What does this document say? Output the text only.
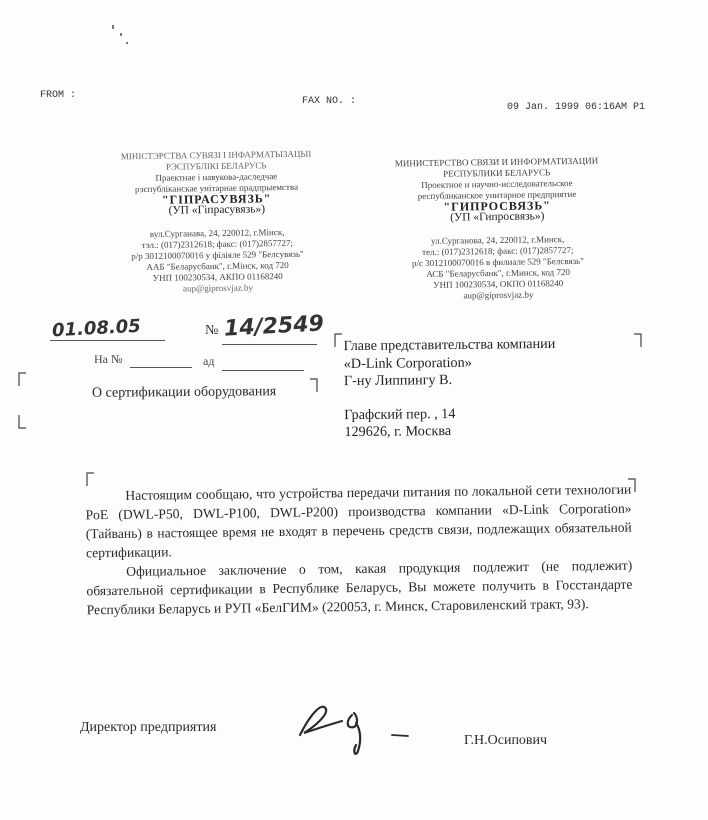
FROM :
FAX NO. :
09 Jan. 1999 06:16AM P1
МIНIСТЭРСТВА СУВЯЗI I IНФАРМАТЫЗАЦЫI
РЭСПУБЛIКI БЕЛАРУСЬ
Праектнае і навукова-даследчае
рэспубліканскае унітарнае прадпрыемства
"ГIПРАСУВЯЗЬ"
(УП «Гiпрасувязь»)
вул.Сурганава, 24, 220012, г.Мінск,
тэл.: (017)2312618; факс: (017)2857727;
р/р 3012100070016 у філіяле 529 "Белсувязь"
ААБ "Беларусбанк", г.Мінск, код 720
УНП 100230534, АКПО 01168240
aup@giprosvjaz.by
МИНИСТЕРСТВО СВЯЗИ И ИНФОРМАТИЗАЦИИ
РЕСПУБЛИКИ БЕЛАРУСЬ
Проектное и научно-исследовательское
республиканское унитарное предприятие
"ГИПРОСВЯЗЬ"
(УП «Гипросвязь»)
ул.Сурганова, 24, 220012, г.Минск,
тел.: (017)2312618; факс: (017)2857727;
р/с 3012100070016 в филиале 529 "Белсвязь"
АСБ "Беларусбанк", г.Минск, код 720
УНП 100230534, ОКПО 01168240
aup@giprosvjaz.by
01.08.05	№ 14/2549
На №	ад
О сертификации оборудования
Главе представительства компании
«D-Link Corporation»
Г-ну Липпингу В.
Графский пер. , 14
129626, г. Москва
Настоящим сообщаю, что устройства передачи питания по локальной сети технологии PoE (DWL-P50, DWL-P100, DWL-P200) производства компании «D-Link Corporation» (Тайвань) в настоящее время не входят в перечень средств связи, подлежащих обязательной сертификации.
Официальное заключение о том, какая продукция подлежит (не подлежит) обязательной сертификации в Республике Беларусь, Вы можете получить в Госстандарте Республики Беларусь и РУП «БелГИМ» (220053, г. Минск, Старовиленский тракт, 93).
Директор предприятия
Г.Н.Осипович
